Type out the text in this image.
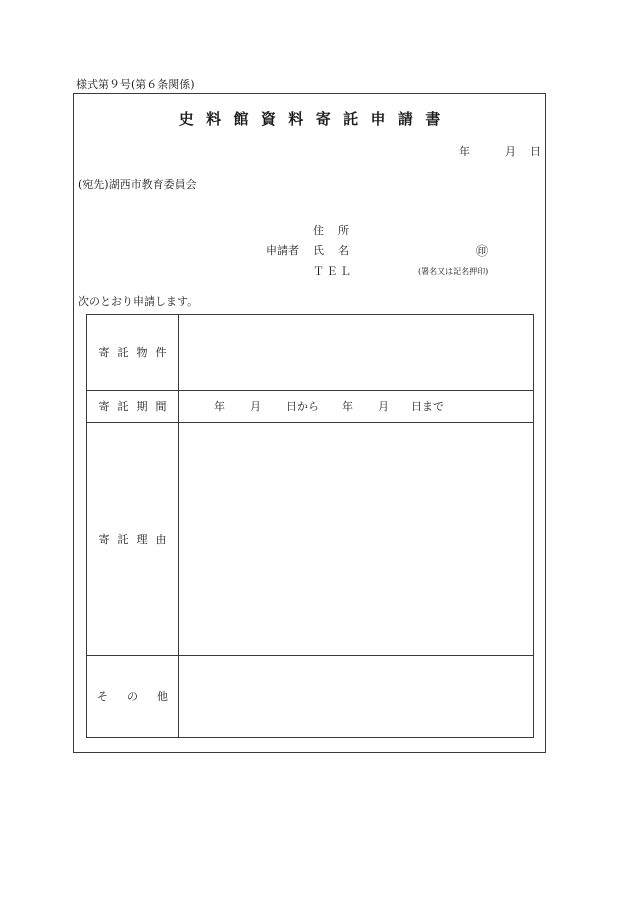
様式第９号(第６条関係)
史料館資料寄託申請書
年	月 日
(宛先)湖西市教育委員会
住所
申請者 氏名	㊞
ＴＥＬ	(署名又は記名押印)
次のとおり申請します。
寄託物件
寄託期間	年 月 日から 年 月 日まで
寄託理由
その他
